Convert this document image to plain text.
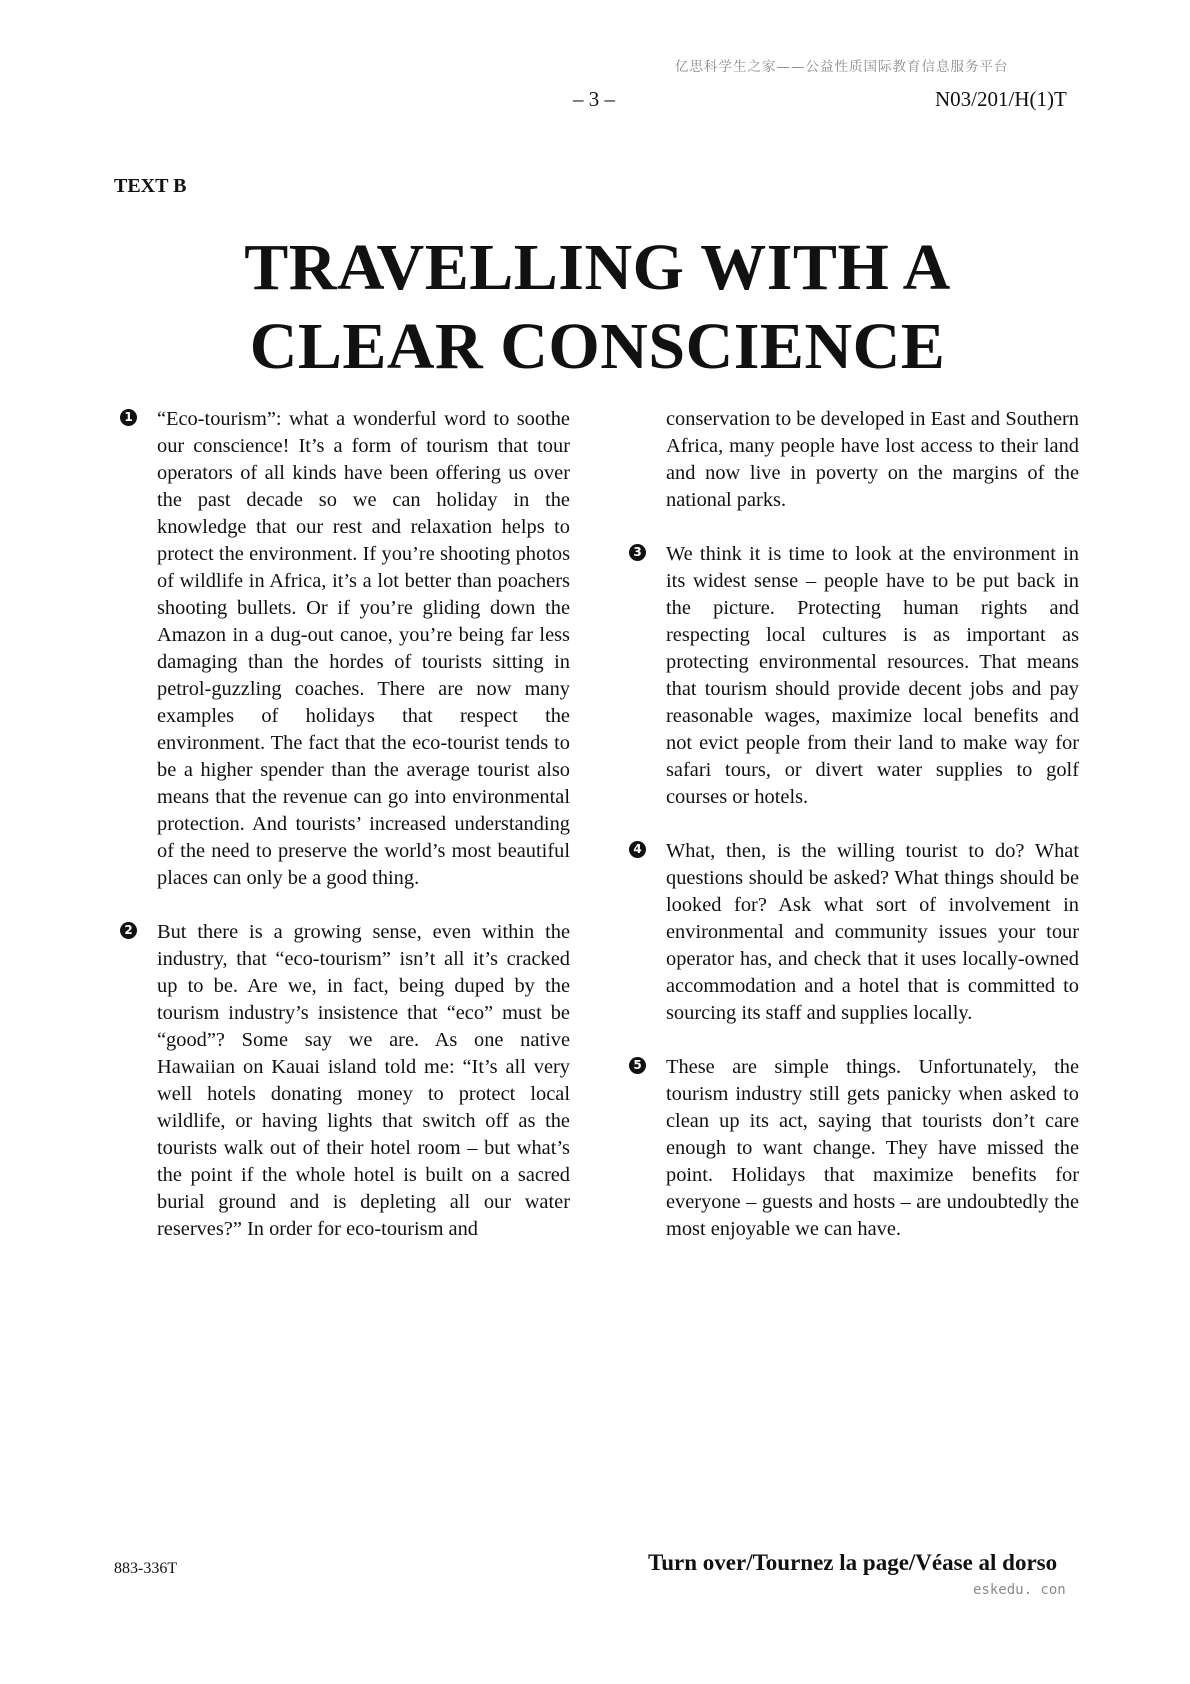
亿思科学生之家——公益性质国际教育信息服务平台
– 3 –	N03/201/H(1)T
TEXT B
TRAVELLING WITH A
CLEAR CONSCIENCE

1 “Eco-tourism”: what a wonderful word to soothe our conscience! It’s a form of tourism that tour operators of all kinds have been offering us over the past decade so we can holiday in the knowledge that our rest and relaxation helps to protect the environment. If you’re shooting photos of wildlife in Africa, it’s a lot better than poachers shooting bullets. Or if you’re gliding down the Amazon in a dug-out canoe, you’re being far less damaging than the hordes of tourists sitting in petrol-guzzling coaches. There are now many examples of holidays that respect the environment. The fact that the eco-tourist tends to be a higher spender than the average tourist also means that the revenue can go into environmental protection. And tourists’ increased understanding of the need to preserve the world’s most beautiful places can only be a good thing.

2 But there is a growing sense, even within the industry, that “eco-tourism” isn’t all it’s cracked up to be. Are we, in fact, being duped by the tourism industry’s insistence that “eco” must be “good”? Some say we are. As one native Hawaiian on Kauai island told me: “It’s all very well hotels donating money to protect local wildlife, or having lights that switch off as the tourists walk out of their hotel room – but what’s the point if the whole hotel is built on a sacred burial ground and is depleting all our water reserves?” In order for eco-tourism and

conservation to be developed in East and Southern Africa, many people have lost access to their land and now live in poverty on the margins of the national parks.

3 We think it is time to look at the environment in its widest sense – people have to be put back in the picture. Protecting human rights and respecting local cultures is as important as protecting environmental resources. That means that tourism should provide decent jobs and pay reasonable wages, maximize local benefits and not evict people from their land to make way for safari tours, or divert water supplies to golf courses or hotels.

4 What, then, is the willing tourist to do? What questions should be asked? What things should be looked for? Ask what sort of involvement in environmental and community issues your tour operator has, and check that it uses locally-owned accommodation and a hotel that is committed to sourcing its staff and supplies locally.

5 These are simple things. Unfortunately, the tourism industry still gets panicky when asked to clean up its act, saying that tourists don’t care enough to want change. They have missed the point. Holidays that maximize benefits for everyone – guests and hosts – are undoubtedly the most enjoyable we can have.

883-336T	Turn over/Tournez la page/Véase al dorso
eskedu. con
